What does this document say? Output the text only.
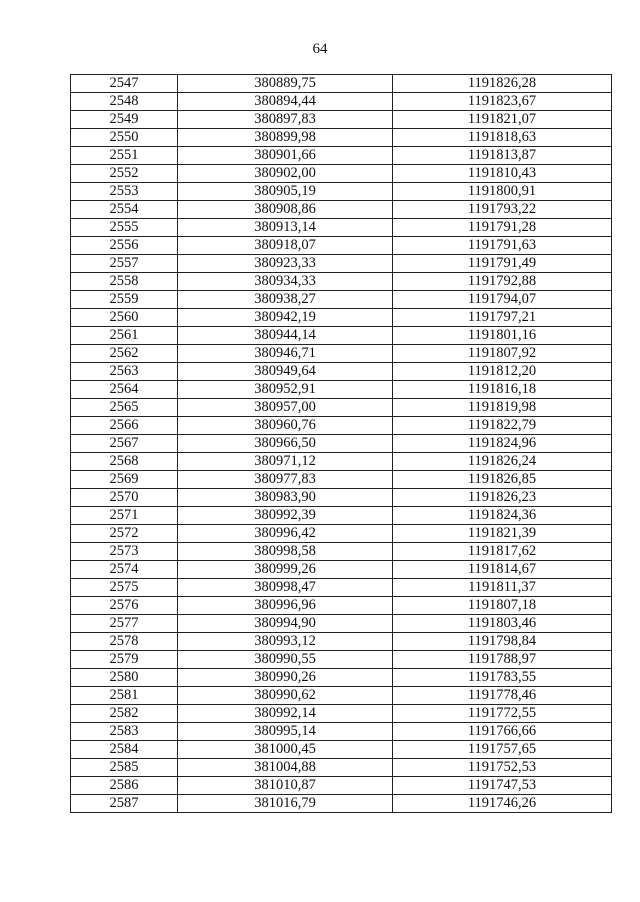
64
2547	380889,75	1191826,28
2548	380894,44	1191823,67
2549	380897,83	1191821,07
2550	380899,98	1191818,63
2551	380901,66	1191813,87
2552	380902,00	1191810,43
2553	380905,19	1191800,91
2554	380908,86	1191793,22
2555	380913,14	1191791,28
2556	380918,07	1191791,63
2557	380923,33	1191791,49
2558	380934,33	1191792,88
2559	380938,27	1191794,07
2560	380942,19	1191797,21
2561	380944,14	1191801,16
2562	380946,71	1191807,92
2563	380949,64	1191812,20
2564	380952,91	1191816,18
2565	380957,00	1191819,98
2566	380960,76	1191822,79
2567	380966,50	1191824,96
2568	380971,12	1191826,24
2569	380977,83	1191826,85
2570	380983,90	1191826,23
2571	380992,39	1191824,36
2572	380996,42	1191821,39
2573	380998,58	1191817,62
2574	380999,26	1191814,67
2575	380998,47	1191811,37
2576	380996,96	1191807,18
2577	380994,90	1191803,46
2578	380993,12	1191798,84
2579	380990,55	1191788,97
2580	380990,26	1191783,55
2581	380990,62	1191778,46
2582	380992,14	1191772,55
2583	380995,14	1191766,66
2584	381000,45	1191757,65
2585	381004,88	1191752,53
2586	381010,87	1191747,53
2587	381016,79	1191746,26
